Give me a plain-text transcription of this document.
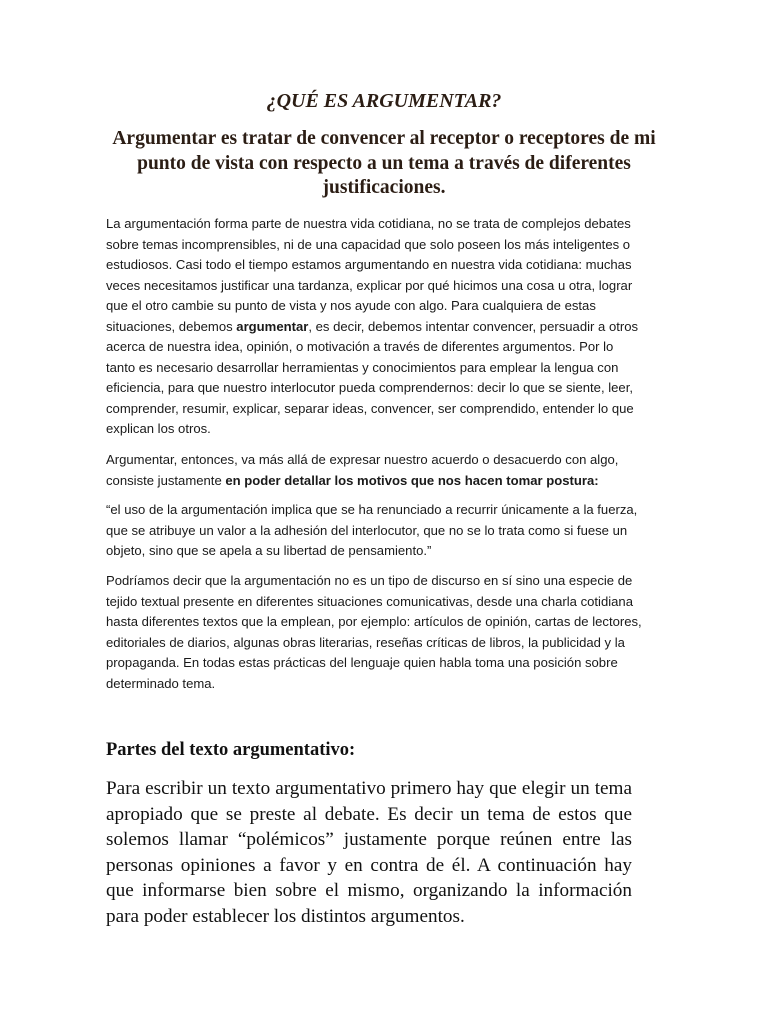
¿QUÉ ES ARGUMENTAR?
Argumentar es tratar de convencer al receptor o receptores de mi punto de vista con respecto a un tema a través de diferentes justificaciones.

La argumentación forma parte de nuestra vida cotidiana, no se trata de complejos debates sobre temas incomprensibles, ni de una capacidad que solo poseen los más inteligentes o estudiosos. Casi todo el tiempo estamos argumentando en nuestra vida cotidiana: muchas veces necesitamos justificar una tardanza, explicar por qué hicimos una cosa u otra, lograr que el otro cambie su punto de vista y nos ayude con algo. Para cualquiera de estas situaciones, debemos argumentar, es decir, debemos intentar convencer, persuadir a otros acerca de nuestra idea, opinión, o motivación a través de diferentes argumentos. Por lo tanto es necesario desarrollar herramientas y conocimientos para emplear la lengua con eficiencia, para que nuestro interlocutor pueda comprendernos: decir lo que se siente, leer, comprender, resumir, explicar, separar ideas, convencer, ser comprendido, entender lo que explican los otros.

Argumentar, entonces, va más allá de expresar nuestro acuerdo o desacuerdo con algo, consiste justamente en poder detallar los motivos que nos hacen tomar postura:

“el uso de la argumentación implica que se ha renunciado a recurrir únicamente a la fuerza, que se atribuye un valor a la adhesión del interlocutor, que no se lo trata como si fuese un objeto, sino que se apela a su libertad de pensamiento.”

Podríamos decir que la argumentación no es un tipo de discurso en sí sino una especie de tejido textual presente en diferentes situaciones comunicativas, desde una charla cotidiana hasta diferentes textos que la emplean, por ejemplo: artículos de opinión, cartas de lectores, editoriales de diarios, algunas obras literarias, reseñas críticas de libros, la publicidad y la propaganda. En todas estas prácticas del lenguaje quien habla toma una posición sobre determinado tema.

Partes del texto argumentativo:

Para escribir un texto argumentativo primero hay que elegir un tema apropiado que se preste al debate. Es decir un tema de estos que solemos llamar “polémicos” justamente porque reúnen entre las personas opiniones a favor y en contra de él. A continuación hay que informarse bien sobre el mismo, organizando la información para poder establecer los distintos argumentos.
